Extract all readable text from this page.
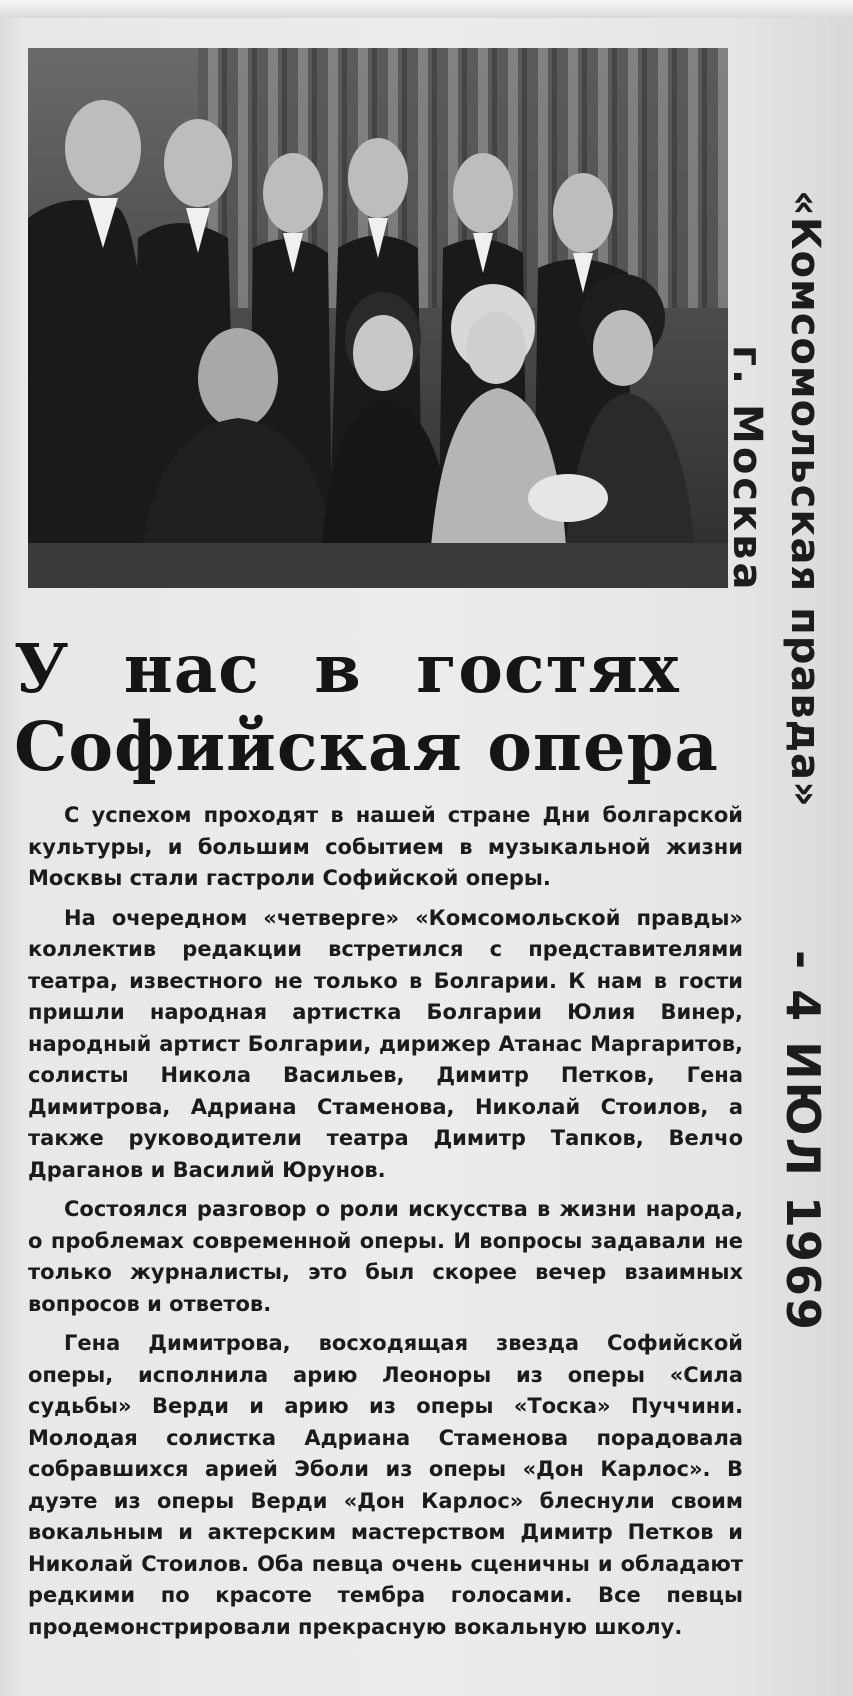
У нас в гостях
Софийская опера

С успехом проходят в нашей стране Дни болгарской культуры, и большим событием в музыкальной жизни Москвы стали гастроли Софийской оперы.

На очередном «четверге» «Комсомольской правды» коллектив редакции встретился с представителями театра, известного не только в Болгарии. К нам в гости пришли народная артистка Болгарии Юлия Винер, народный артист Болгарии, дирижер Атанас Маргаритов, солисты Никола Васильев, Димитр Петков, Гена Димитрова, Адриана Стаменова, Николай Стоилов, а также руководители театра Димитр Тапков, Велчо Драганов и Василий Юрунов.

Состоялся разговор о роли искусства в жизни народа, о проблемах современной оперы. И вопросы задавали не только журналисты, это был скорее вечер взаимных вопросов и ответов.

Гена Димитрова, восходящая звезда Софийской оперы, исполнила арию Леоноры из оперы «Сила судьбы» Верди и арию из оперы «Тоска» Пуччини. Молодая солистка Адриана Стаменова порадовала собравшихся арией Эболи из оперы «Дон Карлос». В дуэте из оперы Верди «Дон Карлос» блеснули своим вокальным и актерским мастерством Димитр Петков и Николай Стоилов. Оба певца очень сценичны и обладают редкими по красоте тембра голосами. Все певцы продемонстрировали прекрасную вокальную школу.

«Комсомольская правда»
г. Москва
- 4 ИЮЛ 1969
